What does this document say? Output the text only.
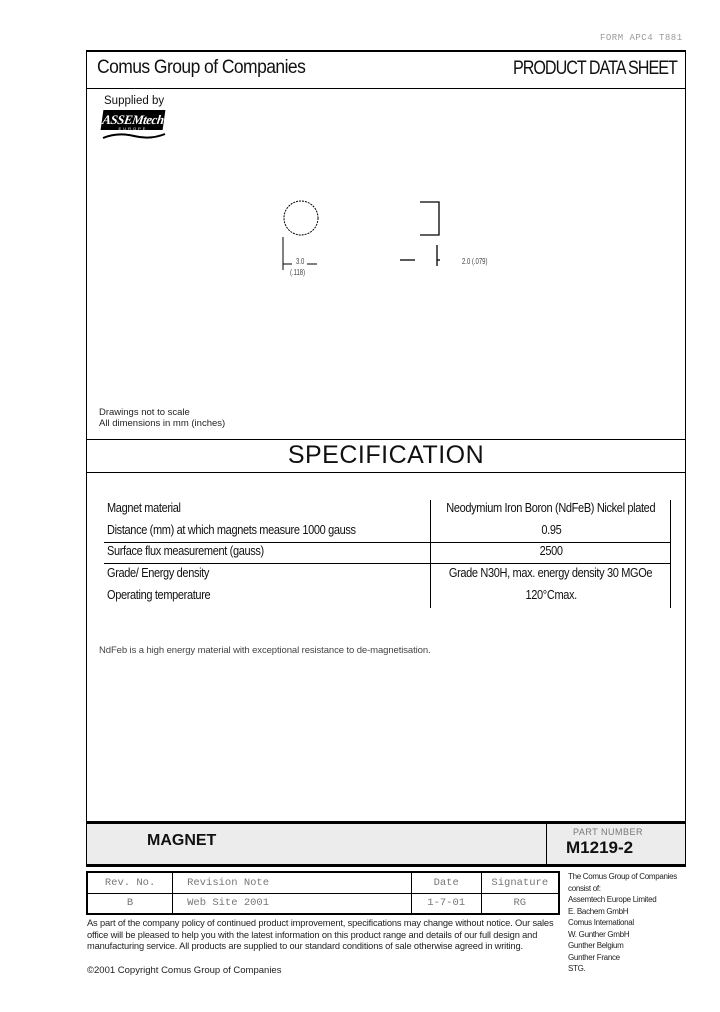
FORM APC4 T881
Comus Group of Companies	PRODUCT DATA SHEET
Supplied by
ASSEMtech
EUROPE
3.0
(.118)
2.0 (.079)
Drawings not to scale
All dimensions in mm (inches)
SPECIFICATION
Magnet material	Neodymium Iron Boron (NdFeB) Nickel plated
Distance (mm) at which magnets measure 1000 gauss	0.95
Surface flux measurement (gauss)	2500
Grade/ Energy density	Grade N30H, max. energy density 30 MGOe
Operating temperature	120°Cmax.
NdFeb is a high energy material with exceptional resistance to de-magnetisation.
MAGNET	PART NUMBER
M1219-2
Rev. No.	Revision Note	Date	Signature
B	Web Site 2001	1-7-01	RG
The Comus Group of Companies
consist of:
Assemtech Europe Limited
E. Bachem GmbH
Comus International
W. Gunther GmbH
Gunther Belgium
Gunther France
STG.
As part of the company policy of continued product improvement, specifications may change without notice. Our sales office will be pleased to help you with the latest information on this product range and details of our full design and manufacturing service. All products are supplied to our standard conditions of sale otherwise agreed in writing.
©2001 Copyright Comus Group of Companies
